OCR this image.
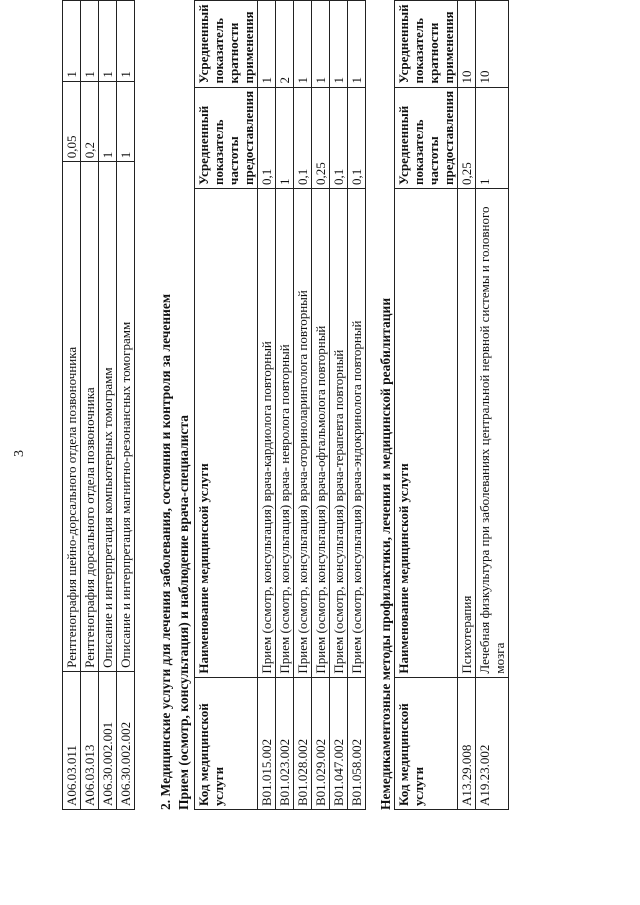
3
A06.03.011	Рентгенография шейно-дорсального отдела позвоночника	0,05	1
A06.03.013	Рентгенография дорсального отдела позвоночника	0,2	1
A06.30.002.001	Описание и интерпретация компьютерных томограмм	1	1
A06.30.002.002	Описание и интерпретация магнитно-резонансных томограмм	1	1
2. Медицинские услуги для лечения заболевания, состояния и контроля за лечением Прием (осмотр, консультация) и наблюдение врача-специалиста Код медицинской услуги	Наименование медицинской услуги	Усредненный показатель частоты предоставления	Усредненный показатель кратности применения
B01.015.002	Прием (осмотр, консультация) врача-кардиолога повторный	0,1	1
B01.023.002	Прием (осмотр, консультация) врача- невролога повторный	1	2
B01.028.002	Прием (осмотр, консультация) врача-оториноларинголога повторный	0,1	1
B01.029.002	Прием (осмотр, консультация) врача-офтальмолога повторный	0,25	1
B01.047.002	Прием (осмотр, консультация) врача-терапевта повторный	0,1	1
B01.058.002	Прием (осмотр, консультация) врача-эндокринолога повторный	0,1	1
Немедикаментозные методы профилактики, лечения и медицинской реабилитации Код медицинской услуги	Наименование медицинской услуги	Усредненный показатель частоты предоставления	Усредненный показатель кратности применения
A13.29.008	Психотерапия	0,25	10
A19.23.002	Лечебная физкультура при заболеваниях центральной нервной системы и головного мозга	1	10
